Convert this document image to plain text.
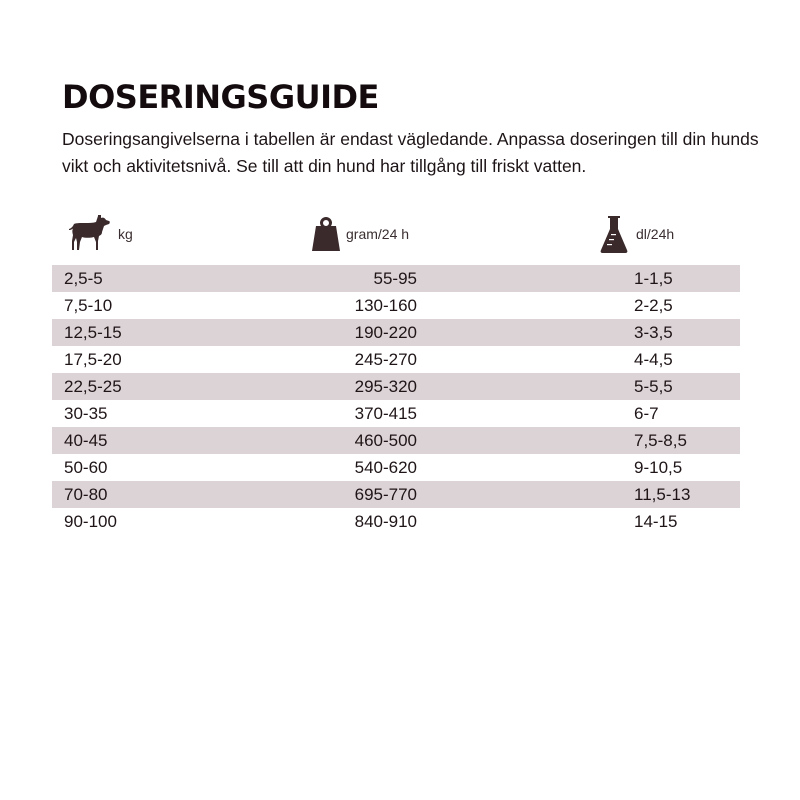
DOSERINGSGUIDE

Doseringsangivelserna i tabellen är endast vägledande. Anpassa doseringen till din hunds vikt och aktivitetsnivå. Se till att din hund har tillgång till friskt vatten.

kg	gram/24 h	dl/24h
2,5-5	55-95	1-1,5
7,5-10	130-160	2-2,5
12,5-15	190-220	3-3,5
17,5-20	245-270	4-4,5
22,5-25	295-320	5-5,5
30-35	370-415	6-7
40-45	460-500	7,5-8,5
50-60	540-620	9-10,5
70-80	695-770	11,5-13
90-100	840-910	14-15
